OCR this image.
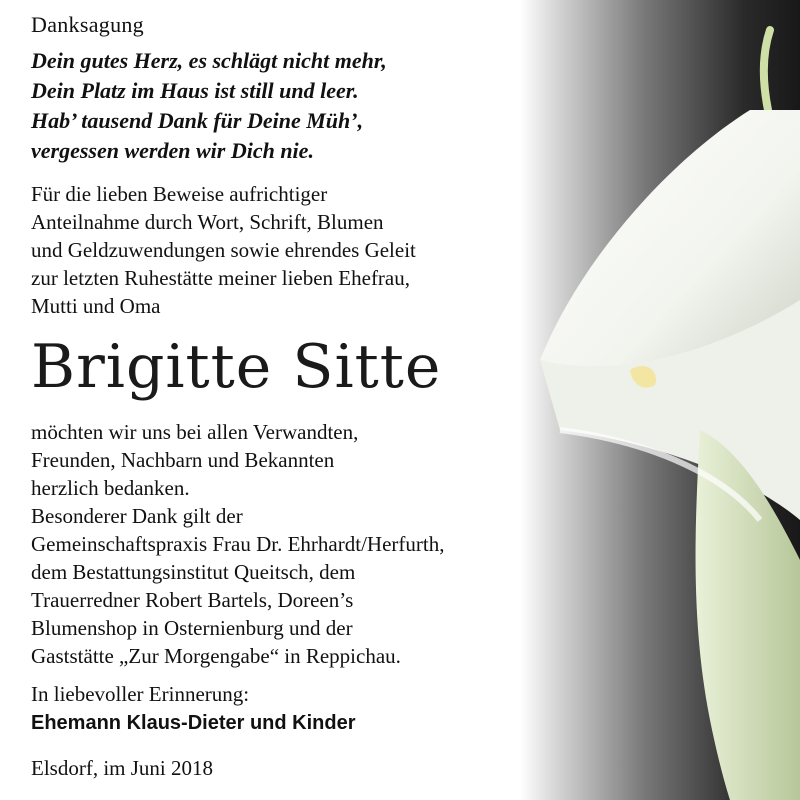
Danksagung
Dein gutes Herz, es schlägt nicht mehr,
Dein Platz im Haus ist still und leer.
Hab’ tausend Dank für Deine Müh’,
vergessen werden wir Dich nie.
Für die lieben Beweise aufrichtiger
Anteilnahme durch Wort, Schrift, Blumen
und Geldzuwendungen sowie ehrendes Geleit
zur letzten Ruhestätte meiner lieben Ehefrau,
Mutti und Oma
Brigitte Sitte
möchten wir uns bei allen Verwandten,
Freunden, Nachbarn und Bekannten
herzlich bedanken.
Besonderer Dank gilt der
Gemeinschaftspraxis Frau Dr. Ehrhardt/Herfurth,
dem Bestattungsinstitut Queitsch, dem
Trauerredner Robert Bartels, Doreen’s
Blumenshop in Osternienburg und der
Gaststätte „Zur Morgengabe“ in Reppichau.
In liebevoller Erinnerung:
Ehemann Klaus-Dieter und Kinder
Elsdorf, im Juni 2018
